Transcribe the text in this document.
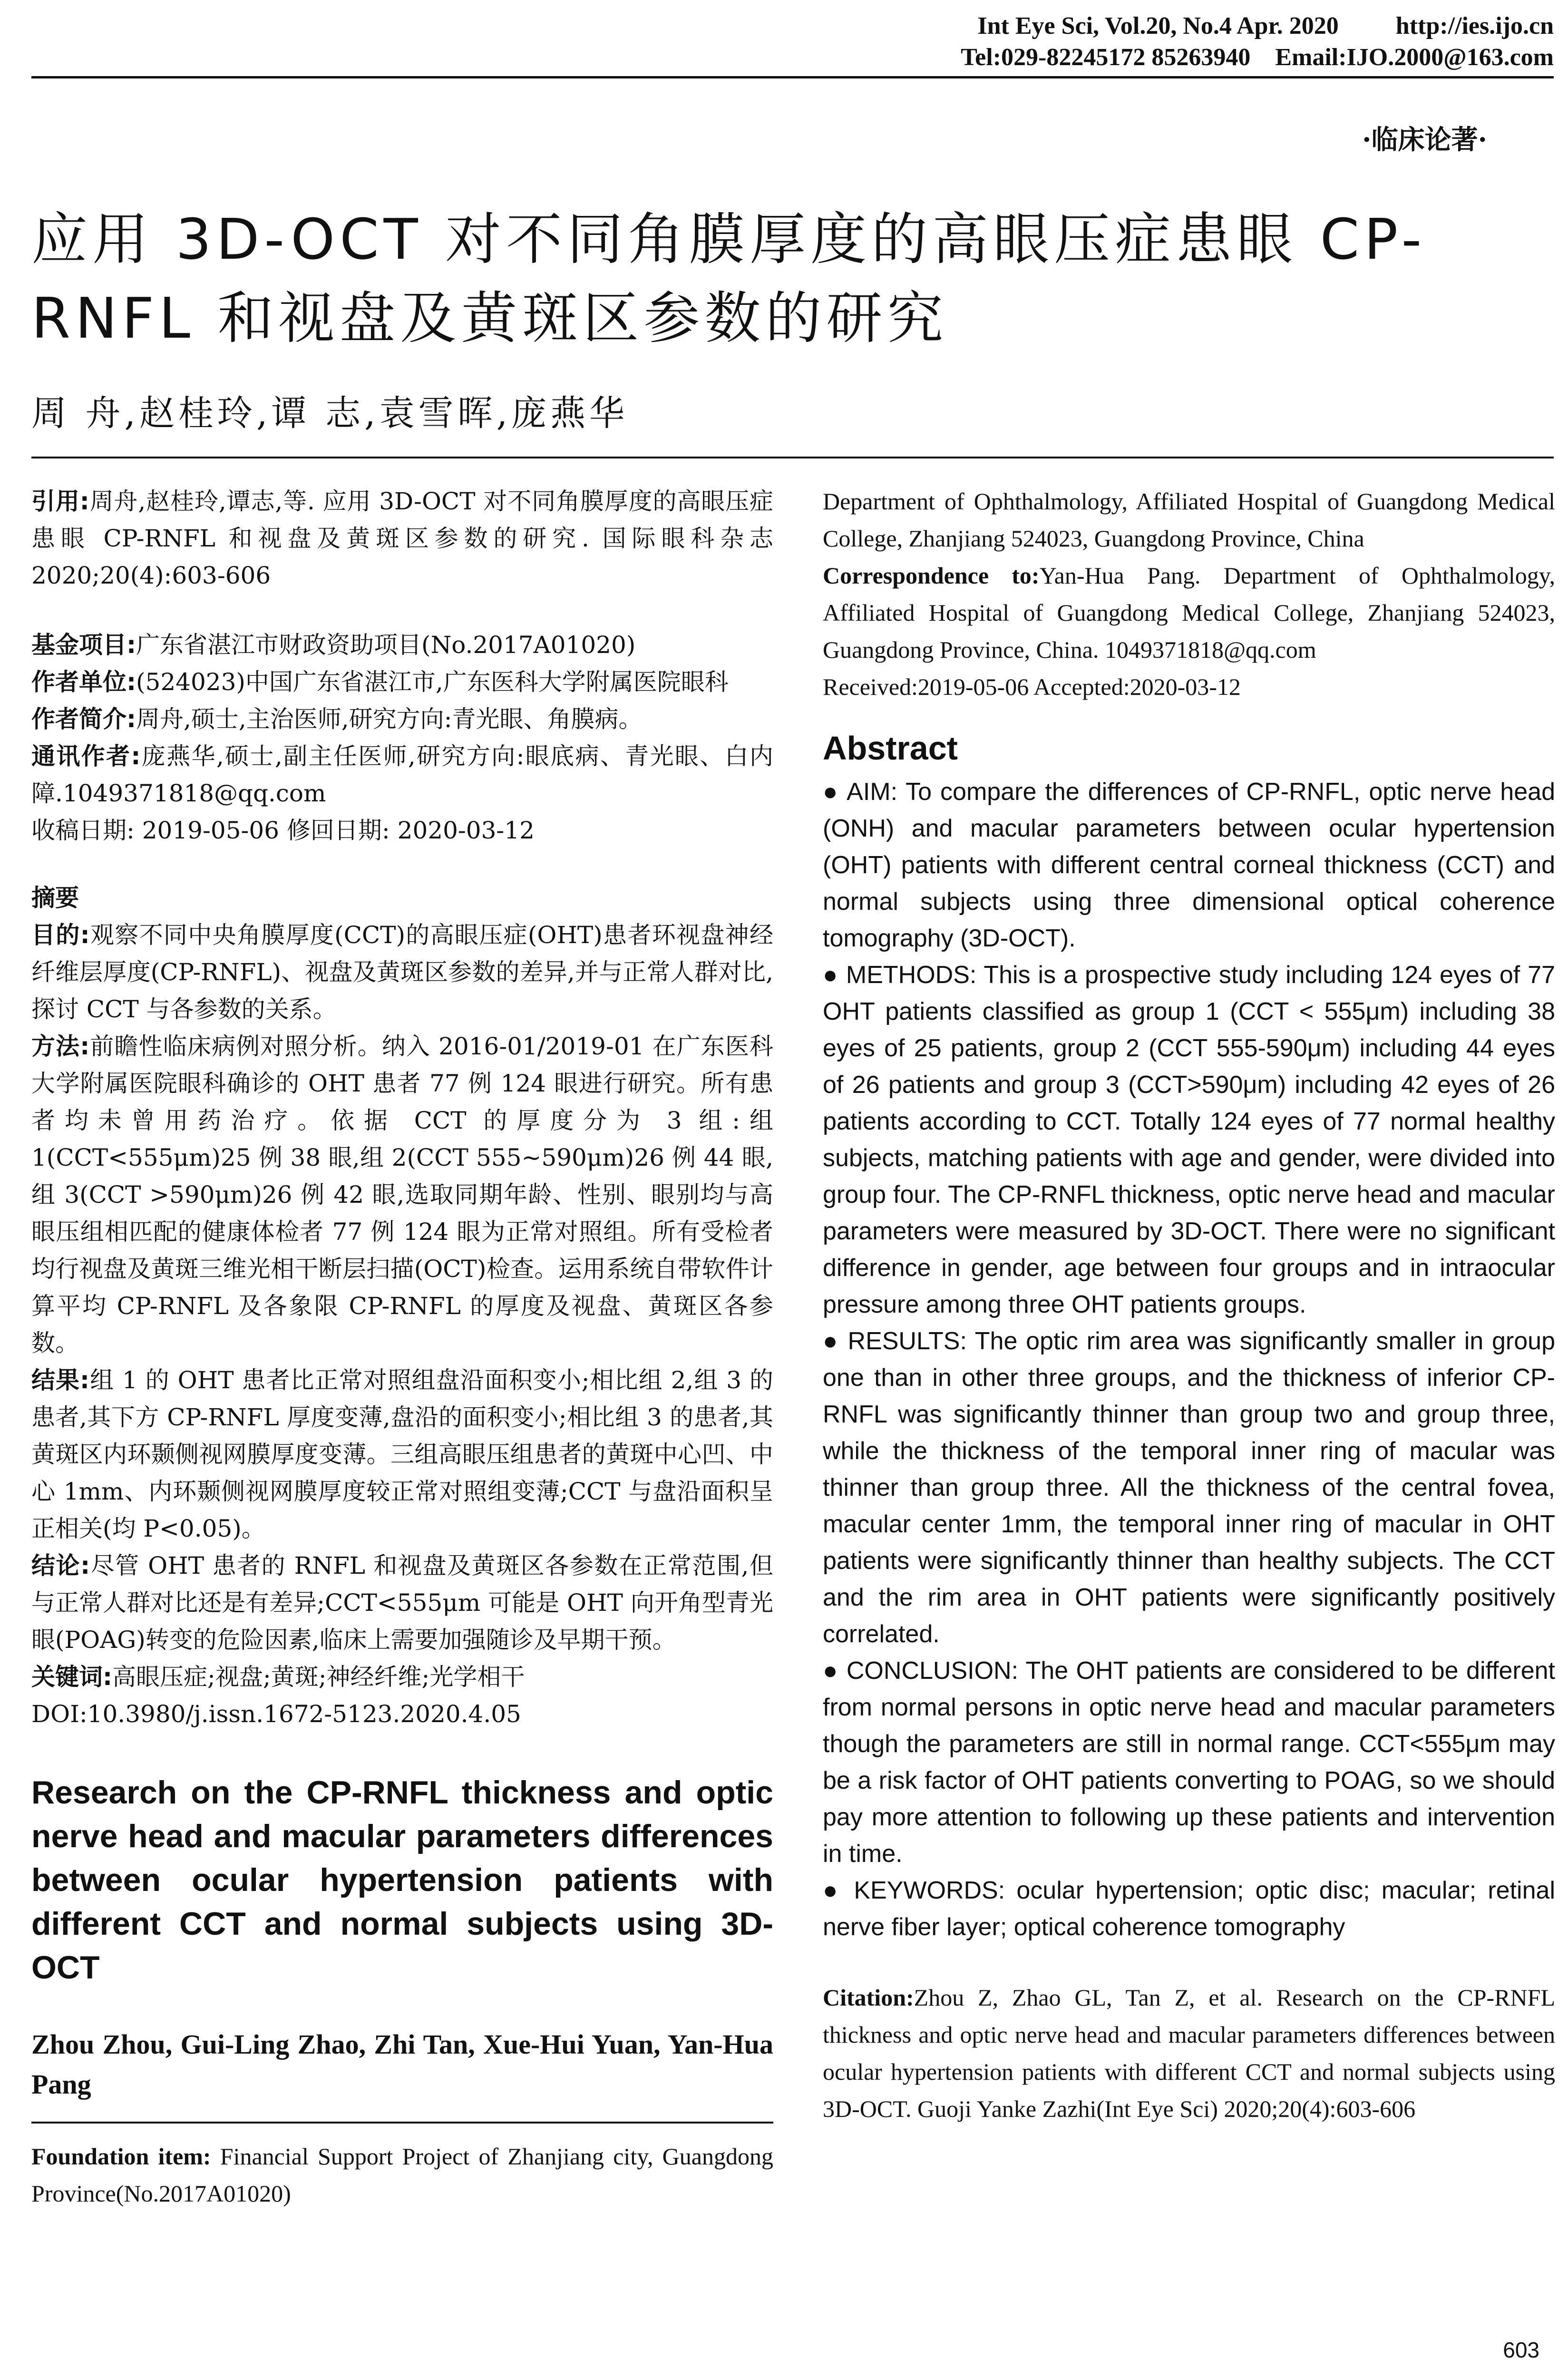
Int Eye Sci, Vol.20, No.4 Apr. 2020 http://ies.ijo.cn
Tel:029-82245172 85263940 Email:IJO.2000@163.com
·临床论著·
应用 3D-OCT 对不同角膜厚度的高眼压症患眼 CP-RNFL 和视盘及黄斑区参数的研究
周 舟,赵桂玲,谭 志,袁雪晖,庞燕华

引用:周舟,赵桂玲,谭志,等. 应用 3D-OCT 对不同角膜厚度的高眼压症患眼 CP-RNFL 和视盘及黄斑区参数的研究. 国际眼科杂志 2020;20(4):603-606

基金项目:广东省湛江市财政资助项目(No.2017A01020)

作者单位:(524023)中国广东省湛江市,广东医科大学附属医院眼科

作者简介:周舟,硕士,主治医师,研究方向:青光眼、角膜病。

通讯作者:庞燕华,硕士,副主任医师,研究方向:眼底病、青光眼、白内障.1049371818@qq.com

收稿日期: 2019-05-06 修回日期: 2020-03-12

摘要

目的:观察不同中央角膜厚度(CCT)的高眼压症(OHT)患者环视盘神经纤维层厚度(CP-RNFL)、视盘及黄斑区参数的差异,并与正常人群对比,探讨 CCT 与各参数的关系。

方法:前瞻性临床病例对照分析。纳入 2016-01/2019-01 在广东医科大学附属医院眼科确诊的 OHT 患者 77 例 124 眼进行研究。所有患者均未曾用药治疗。依据 CCT 的厚度分为 3 组:组 1(CCT<555μm)25 例 38 眼,组 2(CCT 555~590μm)26 例 44 眼,组 3(CCT >590μm)26 例 42 眼,选取同期年龄、性别、眼别均与高眼压组相匹配的健康体检者 77 例 124 眼为正常对照组。所有受检者均行视盘及黄斑三维光相干断层扫描(OCT)检查。运用系统自带软件计算平均 CP-RNFL 及各象限 CP-RNFL 的厚度及视盘、黄斑区各参数。

结果:组 1 的 OHT 患者比正常对照组盘沿面积变小;相比组 2,组 3 的患者,其下方 CP-RNFL 厚度变薄,盘沿的面积变小;相比组 3 的患者,其黄斑区内环颞侧视网膜厚度变薄。三组高眼压组患者的黄斑中心凹、中心 1mm、内环颞侧视网膜厚度较正常对照组变薄;CCT 与盘沿面积呈正相关(均 P<0.05)。

结论:尽管 OHT 患者的 RNFL 和视盘及黄斑区各参数在正常范围,但与正常人群对比还是有差异;CCT<555μm 可能是 OHT 向开角型青光眼(POAG)转变的危险因素,临床上需要加强随诊及早期干预。

关键词:高眼压症;视盘;黄斑;神经纤维;光学相干

DOI:10.3980/j.issn.1672-5123.2020.4.05

Research on the CP-RNFL thickness and optic nerve head and macular parameters differences between ocular hypertension patients with different CCT and normal subjects using 3D-OCT

Zhou Zhou, Gui-Ling Zhao, Zhi Tan, Xue-Hui Yuan, Yan-Hua Pang

Foundation item: Financial Support Project of Zhanjiang city, Guangdong Province(No.2017A01020)

Department of Ophthalmology, Affiliated Hospital of Guangdong Medical College, Zhanjiang 524023, Guangdong Province, China

Correspondence to:Yan-Hua Pang. Department of Ophthalmology, Affiliated Hospital of Guangdong Medical College, Zhanjiang 524023, Guangdong Province, China. 1049371818@qq.com

Received:2019-05-06 Accepted:2020-03-12

Abstract

● AIM: To compare the differences of CP-RNFL, optic nerve head (ONH) and macular parameters between ocular hypertension (OHT) patients with different central corneal thickness (CCT) and normal subjects using three dimensional optical coherence tomography (3D-OCT).

● METHODS: This is a prospective study including 124 eyes of 77 OHT patients classified as group 1 (CCT < 555μm) including 38 eyes of 25 patients, group 2 (CCT 555-590μm) including 44 eyes of 26 patients and group 3 (CCT>590μm) including 42 eyes of 26 patients according to CCT. Totally 124 eyes of 77 normal healthy subjects, matching patients with age and gender, were divided into group four. The CP-RNFL thickness, optic nerve head and macular parameters were measured by 3D-OCT. There were no significant difference in gender, age between four groups and in intraocular pressure among three OHT patients groups.

● RESULTS: The optic rim area was significantly smaller in group one than in other three groups, and the thickness of inferior CP-RNFL was significantly thinner than group two and group three, while the thickness of the temporal inner ring of macular was thinner than group three. All the thickness of the central fovea, macular center 1mm, the temporal inner ring of macular in OHT patients were significantly thinner than healthy subjects. The CCT and the rim area in OHT patients were significantly positively correlated.

● CONCLUSION: The OHT patients are considered to be different from normal persons in optic nerve head and macular parameters though the parameters are still in normal range. CCT<555μm may be a risk factor of OHT patients converting to POAG, so we should pay more attention to following up these patients and intervention in time.

● KEYWORDS: ocular hypertension; optic disc; macular; retinal nerve fiber layer; optical coherence tomography

Citation:Zhou Z, Zhao GL, Tan Z, et al. Research on the CP-RNFL thickness and optic nerve head and macular parameters differences between ocular hypertension patients with different CCT and normal subjects using 3D-OCT. Guoji Yanke Zazhi(Int Eye Sci) 2020;20(4):603-606

603
